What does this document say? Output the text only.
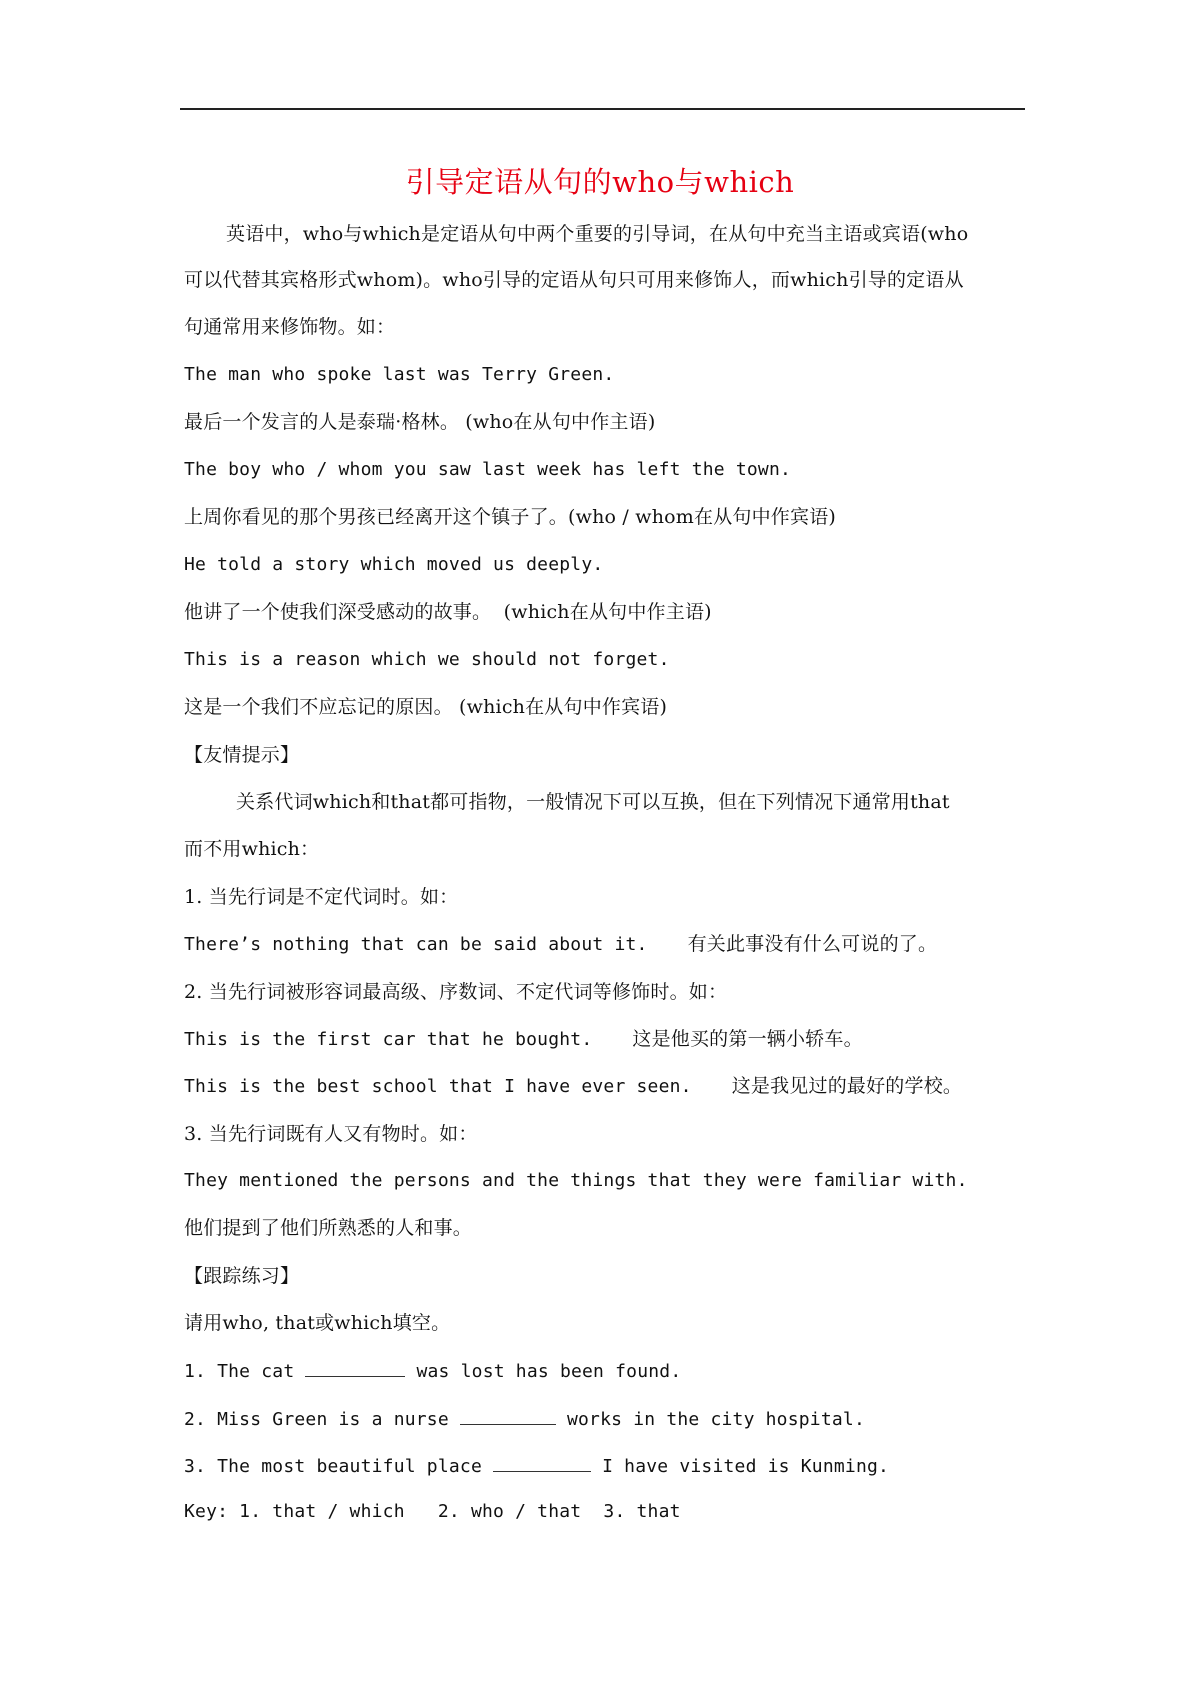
引导定语从句的who与which
英语中，who与which是定语从句中两个重要的引导词，在从句中充当主语或宾语(who
可以代替其宾格形式whom)。who引导的定语从句只可用来修饰人，而which引导的定语从
句通常用来修饰物。如：
The man who spoke last was Terry Green.
最后一个发言的人是泰瑞·格林。 (who在从句中作主语)
The boy who / whom you saw last week has left the town.
上周你看见的那个男孩已经离开这个镇子了。(who / whom在从句中作宾语)
He told a story which moved us deeply.
他讲了一个使我们深受感动的故事。  (which在从句中作主语)
This is a reason which we should not forget.
这是一个我们不应忘记的原因。 (which在从句中作宾语)
【友情提示】
关系代词which和that都可指物，一般情况下可以互换，但在下列情况下通常用that
而不用which：
1. 当先行词是不定代词时。如：
There’s nothing that can be said about it. 有关此事没有什么可说的了。
2. 当先行词被形容词最高级、序数词、不定代词等修饰时。如：
This is the first car that he bought. 这是他买的第一辆小轿车。
This is the best school that I have ever seen. 这是我见过的最好的学校。
3. 当先行词既有人又有物时。如：
They mentioned the persons and the things that they were familiar with.
他们提到了他们所熟悉的人和事。
【跟踪练习】
请用who, that或which填空。
1. The cat	was lost has been found.
2. Miss Green is a nurse	works in the city hospital.
3. The most beautiful place	I have visited is Kunming.
Key: 1. that / which   2. who / that  3. that
